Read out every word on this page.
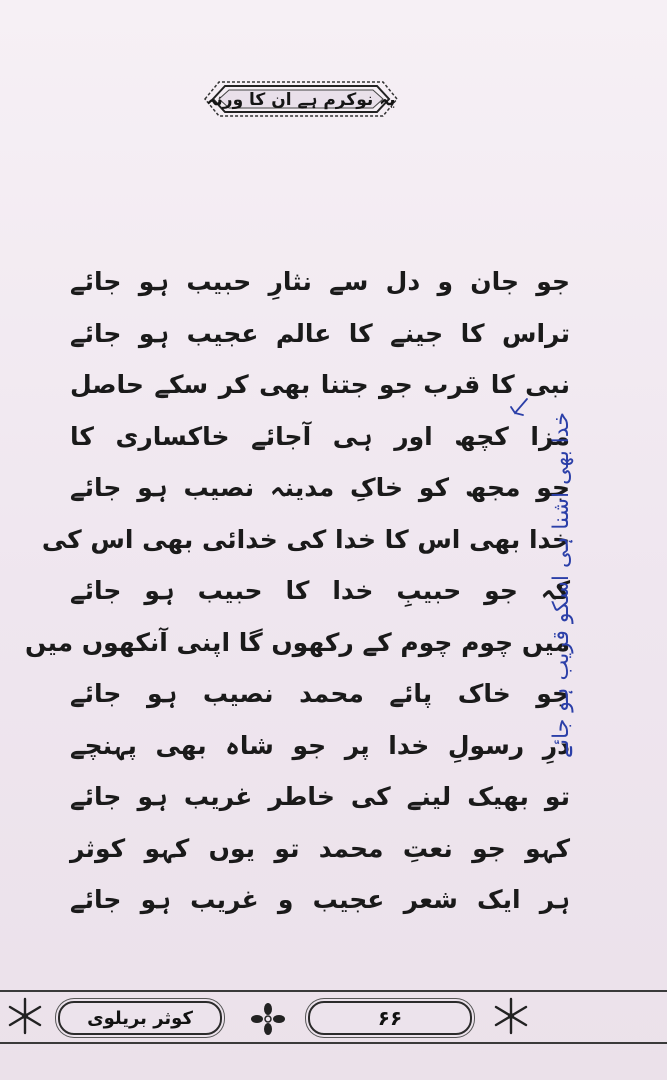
یہ نوکرم ہے ان کا ورنہ
جو جان و دل سے نثارِ حبیب ہو جائے
تراس کا جینے کا عالم عجیب ہو جائے
نبی کا قرب جو جتنا بھی کر سکے حاصل
مزا کچھ اور ہی آجائے خاکساری کا
جو مجھ کو خاکِ مدینہ نصیب ہو جائے
خدا بھی اس کا خدا کی خدائی بھی اس کی
کہ جو حبیبِ خدا کا حبیب ہو جائے
میں چوم چوم کے رکھوں گا اپنی آنکھوں میں
جو خاک پائے محمد نصیب ہو جائے
درِ رسولِ خدا پر جو شاہ بھی پہنچے
تو بھیک لینے کی خاطر غریب ہو جائے
کہو جو نعتِ محمد تو یوں کہو کوثر
ہر ایک شعر عجیب و غریب ہو جائے
خدا بھی اشنا ہی اسکو قریب ہو جائے
کوثر بریلوی	۶۶
